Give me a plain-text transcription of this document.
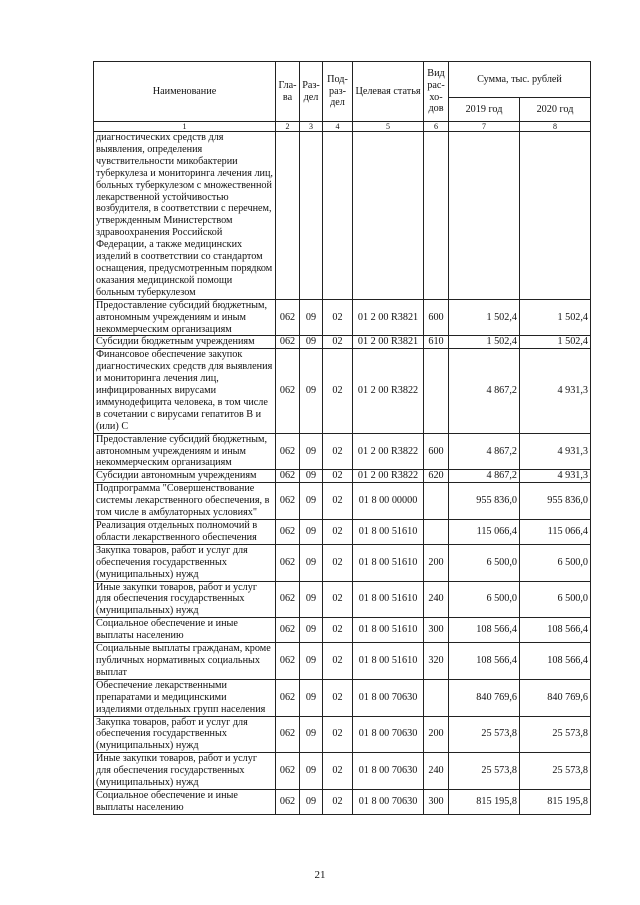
Наименование	Гла-ва	Раз-дел	Под-раз-дел	Целевая статья	Вид рас-хо-дов	Сумма, тыс. рублей	
						2019 год	2020 год
1	2	3	4	5	6	7	8
диагностических средств для выявления, определения чувствительности микобактерии туберкулеза и мониторинга лечения лиц, больных туберкулезом с множественной лекарственной устойчивостью возбудителя, в соответствии с перечнем, утвержденным Министерством здравоохранения Российской Федерации, а также медицинских изделий в соответствии со стандартом оснащения, предусмотренным порядком оказания медицинской помощи больным туберкулезом							
Предоставление субсидий бюджетным, автономным учреждениям и иным некоммерческим организациям	062	09	02	01 2 00 R3821	600	1 502,4	1 502,4
Субсидии бюджетным учреждениям	062	09	02	01 2 00 R3821	610	1 502,4	1 502,4
Финансовое обеспечение закупок диагностических средств для выявления и мониторинга лечения лиц, инфицированных вирусами иммунодефицита человека, в том числе в сочетании с вирусами гепатитов В и (или) С	062	09	02	01 2 00 R3822		4 867,2	4 931,3
Предоставление субсидий бюджетным, автономным учреждениям и иным некоммерческим организациям	062	09	02	01 2 00 R3822	600	4 867,2	4 931,3
Субсидии автономным учреждениям	062	09	02	01 2 00 R3822	620	4 867,2	4 931,3
Подпрограмма "Совершенствование системы лекарственного обеспечения, в том числе в амбулаторных условиях"	062	09	02	01 8 00 00000		955 836,0	955 836,0
Реализация отдельных полномочий в области лекарственного обеспечения	062	09	02	01 8 00 51610		115 066,4	115 066,4
Закупка товаров, работ и услуг для обеспечения государственных (муниципальных) нужд	062	09	02	01 8 00 51610	200	6 500,0	6 500,0
Иные закупки товаров, работ и услуг для обеспечения государственных (муниципальных) нужд	062	09	02	01 8 00 51610	240	6 500,0	6 500,0
Социальное обеспечение и иные выплаты населению	062	09	02	01 8 00 51610	300	108 566,4	108 566,4
Социальные выплаты гражданам, кроме публичных нормативных социальных выплат	062	09	02	01 8 00 51610	320	108 566,4	108 566,4
Обеспечение лекарственными препаратами и медицинскими изделиями отдельных групп населения	062	09	02	01 8 00 70630		840 769,6	840 769,6
Закупка товаров, работ и услуг для обеспечения государственных (муниципальных) нужд	062	09	02	01 8 00 70630	200	25 573,8	25 573,8
Иные закупки товаров, работ и услуг для обеспечения государственных (муниципальных) нужд	062	09	02	01 8 00 70630	240	25 573,8	25 573,8
Социальное обеспечение и иные выплаты населению	062	09	02	01 8 00 70630	300	815 195,8	815 195,8
21
